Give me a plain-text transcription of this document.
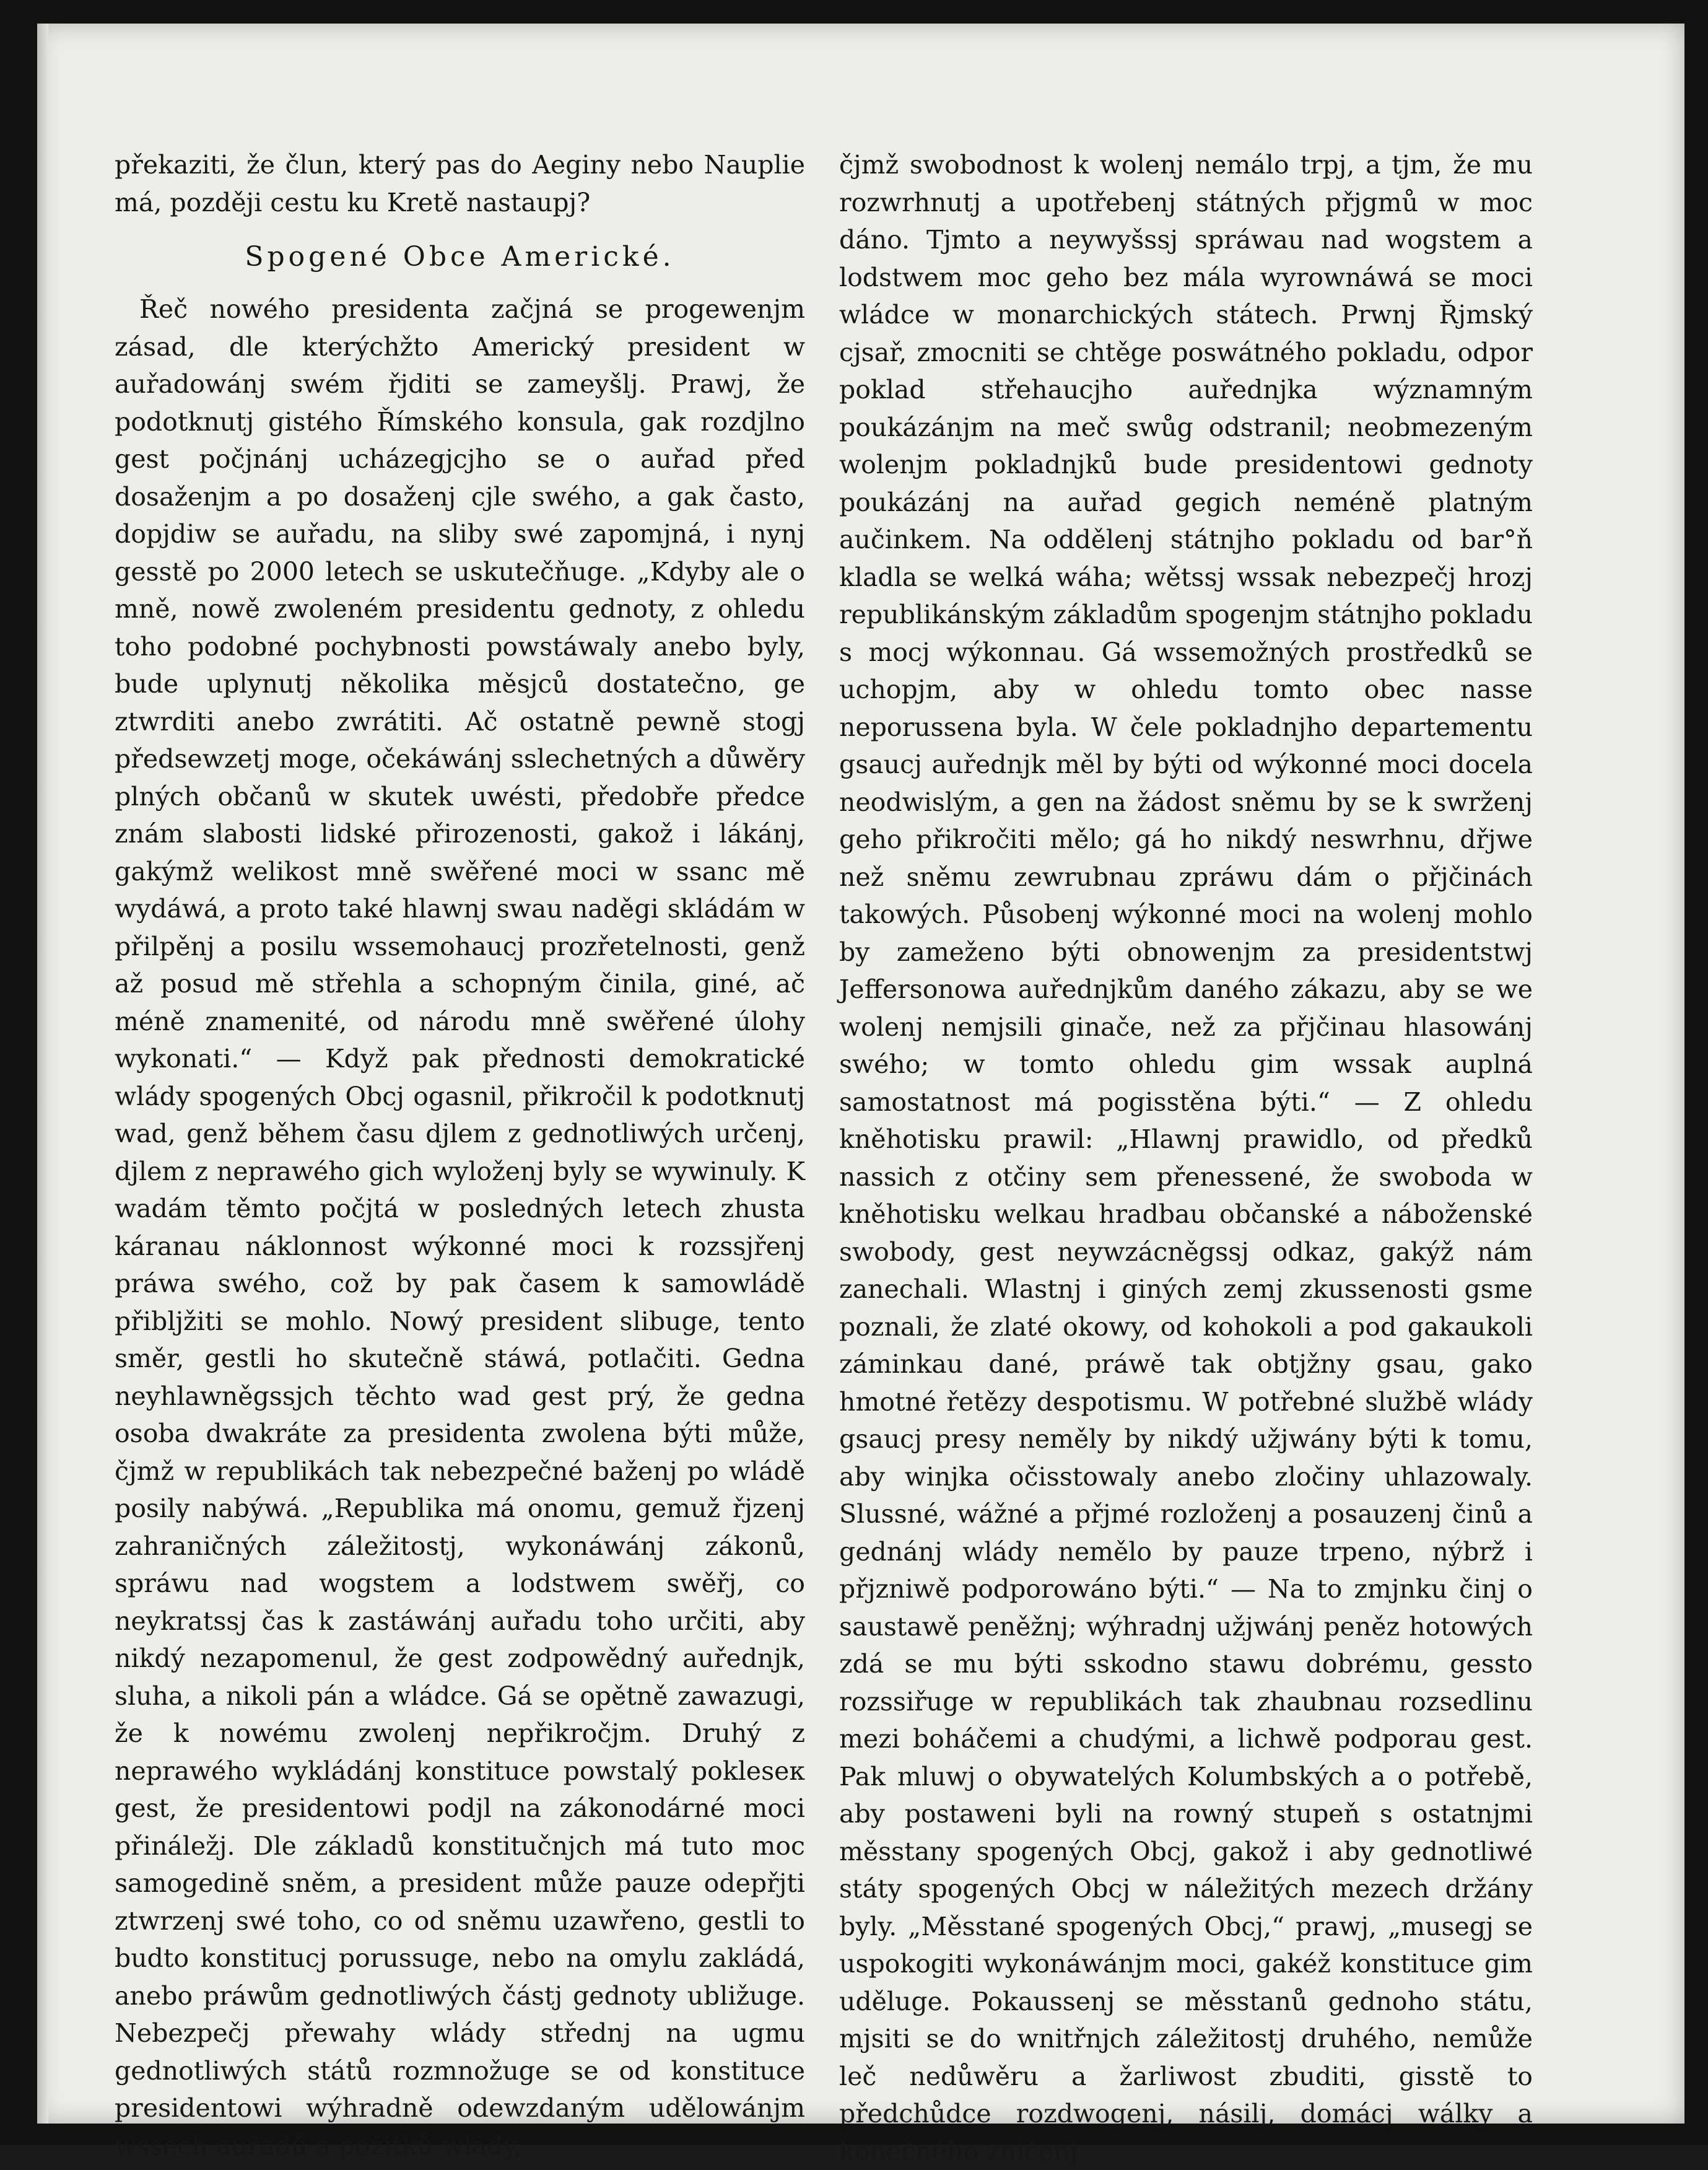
překaziti, že člun, který pas do Aeginy nebo Nauplie má, později cestu ku Kretě nastaupj?

Spogené Obce Americké.

Řeč nowého presidenta začjná se progewenjm zásad, dle kterýchžto Americký president w auřadowánj swém řjditi se zameyšlj. Prawj, že podotknutj gistého Římského konsula, gak rozdjlno gest počjnánj ucházegjcjho se o auřad před dosaženjm a po dosaženj cjle swého, a gak často, dopjdiw se auřadu, na sliby swé zapomjná, i nynj gesstě po 2000 letech se uskutečňuge. „Kdyby ale o mně, nowě zwoleném presidentu gednoty, z ohledu toho podobné pochybnosti powstáwaly anebo byly, bude uplynutj několika měsjců dostatečno, ge ztwrditi anebo zwrátiti. Ač ostatně pewně stogj předsewzetj moge, očekáwánj sslechetných a důwěry plných občanů w skutek uwésti, předobře předce znám slabosti lidské přirozenosti, gakož i lákánj, gakýmž welikost mně swěřené moci w ssanc mě wydáwá, a proto také hlawnj swau naděgi skládám w přilpěnj a posilu wssemohaucj prozřetelnosti, genž až posud mě střehla a schopným činila, giné, ač méně znamenité, od národu mně swěřené úlohy wykonati.“ — Když pak přednosti demokratické wlády spogených Obcj ogasnil, přikročil k podotknutj wad, genž během času djlem z gednotliwých určenj, djlem z neprawého gich wyloženj byly se wywinuly. K wadám těmto počjtá w posledných letech zhusta káranau náklonnost wýkonné moci k rozssjřenj práwa swého, což by pak časem k samowládě přibljžiti se mohlo. Nowý president slibuge, tento směr, gestli ho skutečně stáwá, potlačiti. Gedna neyhlawněgssjch těchto wad gest prý, že gedna osoba dwakráte za presidenta zwolena býti může, čjmž w republikách tak nebezpečné baženj po wládě posily nabýwá. „Republika má onomu, gemuž řjzenj zahraničných záležitostj, wykonáwánj zákonů, spráwu nad wogstem a lodstwem swěřj, co neykratssj čas k zastáwánj auřadu toho určiti, aby nikdý nezapomenul, že gest zodpowědný auřednjk, sluha, a nikoli pán a wládce. Gá se opětně zawazugi, že k nowému zwolenj nepřikročjm. Druhý z neprawého wykládánj konstituce powstalý pokleseк gest, že presidentowi podjl na zákonodárné moci přináležj. Dle základů konstitučnjch má tuto moc samogedině sněm, a president může pauze odepřjti ztwrzenj swé toho, co od sněmu uzawřeno, gestli to budto konstitucj porussuge, nebo na omylu zakládá, anebo práwům gednotliwých částj gednoty ubližuge. Nebezpečj přewahy wlády střednj na ugmu gednotliwých států rozmnožuge se od konstituce presidentowi wýhradně odewzdaným udělowánjm wssech auřadů a požitků wlády,

čjmž swobodnost k wolenj nemálo trpj, a tjm, že mu rozwrhnutj a upotřebenj státných přjgmů w moc dáno. Tjmto a neywyšssj spráwau nad wogstem a lodstwem moc geho bez mála wyrownáwá se moci wládce w monarchických státech. Prwnj Řjmský cjsař, zmocniti se chtěge poswátného pokladu, odpor poklad střehaucjho auřednjka wýznamným poukázánjm na meč swůg odstranil; neobmezeným wolenjm pokladnjků bude presidentowi gednoty poukázánj na auřad gegich neméně platným aučinkem. Na oddělenj státnjho pokladu od bar°ň kladla se welká wáha; wětssj wssak nebezpečj hrozj republikánským základům spogenjm státnjho pokladu s mocj wýkonnau. Gá wssemožných prostředků se uchopjm, aby w ohledu tomto obec nasse neporussena byla. W čele pokladnjho departementu gsaucj auřednjk měl by býti od wýkonné moci docela neodwislým, a gen na žádost sněmu by se k swrženj geho přikročiti mělo; gá ho nikdý neswrhnu, dřjwe než sněmu zewrubnau zpráwu dám o přjčinách takowých. Působenj wýkonné moci na wolenj mohlo by zameženo býti obnowenjm za presidentstwj Jeffersonowa auřednjkům daného zákazu, aby se we wolenj nemjsili ginače, než za přjčinau hlasowánj swého; w tomto ohledu gim wssak auplná samostatnost má pogisstěna býti.“ — Z ohledu kněhotisku prawil: „Hlawnj prawidlo, od předků nassich z otčiny sem přenessené, že swoboda w kněhotisku welkau hradbau občanské a náboženské swobody, gest neywzácněgssj odkaz, gakýž nám zanechali. Wlastnj i giných zemj zkussenosti gsme poznali, že zlaté okowy, od kohokoli a pod gakaukoli záminkau dané, práwě tak obtjžny gsau, gako hmotné řetězy despotismu. W potřebné službě wlády gsaucj presy neměly by nikdý užjwány býti k tomu, aby winjka očisstowaly anebo zločiny uhlazowaly. Slussné, wážné a přjmé rozloženj a posauzenj činů a gednánj wlády nemělo by pauze trpeno, nýbrž i přjznіwě podporowáno býti.“ — Na to zmjnku činj o saustawě peněžnj; wýhradnj užjwánj peněz hotowých zdá se mu býti sskodno stawu dobrému, gessto rozssiřuge w republikách tak zhaubnau rozsedlinu mezi boháčemi a chudými, a lichwě podporau gest. Pak mluwj o obywatelých Kolumbských a o potřebě, aby postaweni byli na rowný stupeň s ostatnjmi měsstany spogených Obcj, gakož i aby gednotliwé státy spogených Obcj w náležitých mezech držány byly. „Měsstané spogených Obcj,“ prawj, „musegj se uspokogiti wykonáwánjm moci, gakéž konstituce gim uděluge. Pokaussenj se měsstanů gednoho státu, mjsiti se do wnitřnjch záležitostj druhého, nemůže leč nedůwěru a žarliwost zbuditi, gisstě to předchůdce rozdwogenj, násilj, domácj wálky a konečného zničenj
